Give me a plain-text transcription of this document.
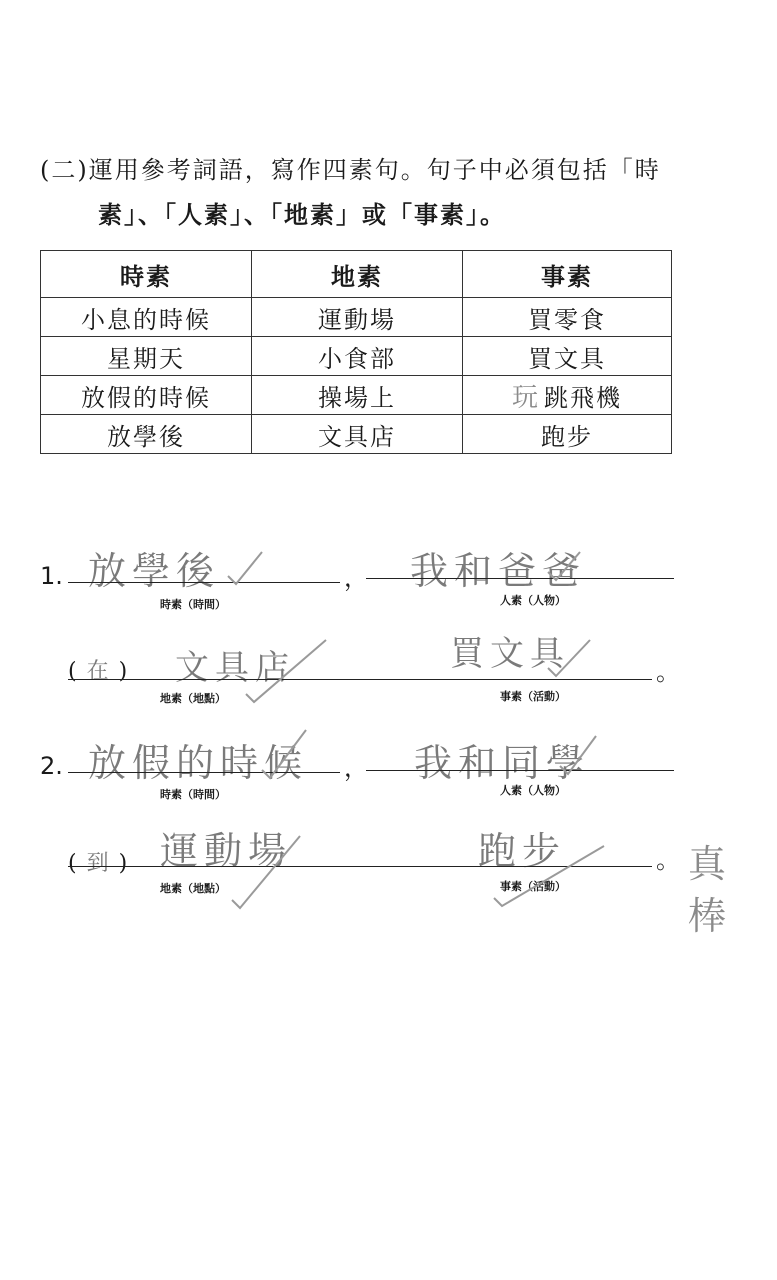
(二)運用參考詞語，寫作四素句。句子中必須包括「時
素」、「人素」、「地素」或「事素」。
時素	地素	事素
小息的時候	運動場	買零食
星期天	小食部	買文具
放假的時候	操場上	玩 跳飛機
放學後	文具店	跑步
1. 放學後
時素（時間）
， 我和爸爸
人素（人物）
( 在 ) 文具店	買文具	。
地素（地點）	事素（活動）
2. 放假的時候
時素（時間）
， 我和同學
人素（人物）
( 到 ) 運動場	跑步	。
地素（地點）	事素（活動）
真棒
